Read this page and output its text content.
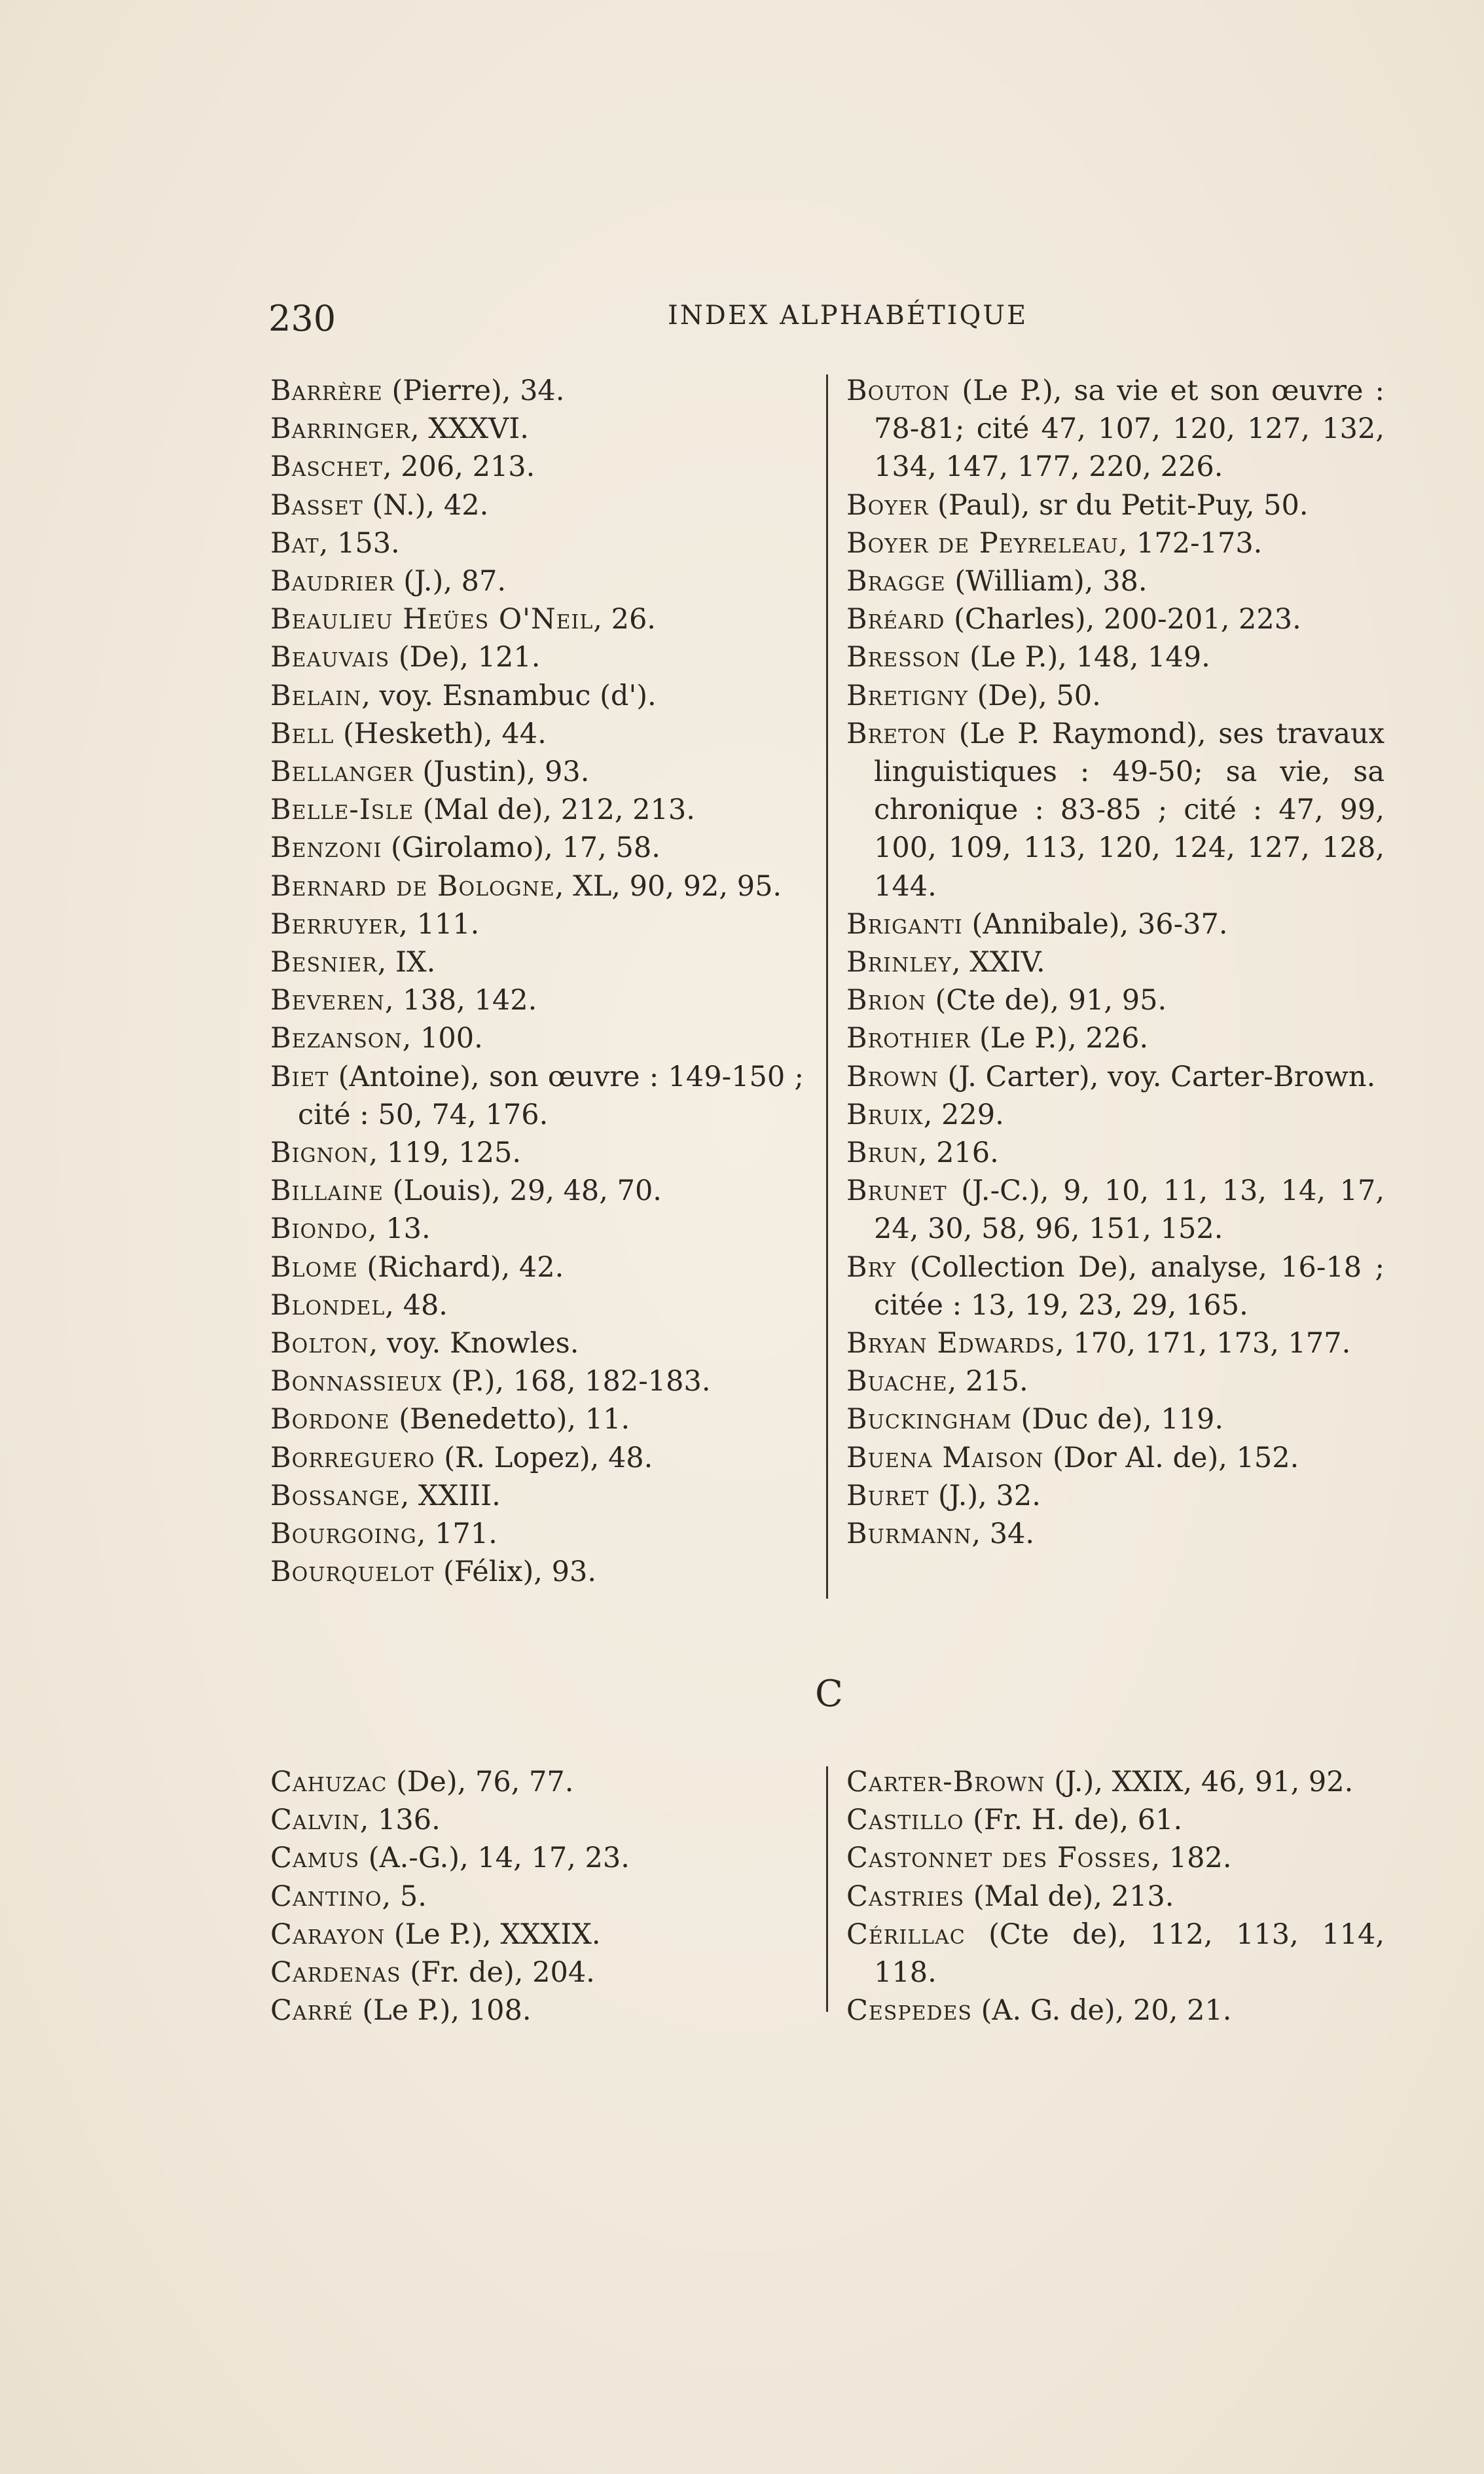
230	INDEX ALPHABÉTIQUE
Barrère (Pierre), 34.
Barringer, XXXVI.
Baschet, 206, 213.
Basset (N.), 42.
Bat, 153.
Baudrier (J.), 87.
Beaulieu Heües O'Neil, 26.
Beauvais (De), 121.
Belain, voy. Esnambuc (d').
Bell (Hesketh), 44.
Bellanger (Justin), 93.
Belle-Isle (Mal de), 212, 213.
Benzoni (Girolamo), 17, 58.
Bernard de Bologne, XL, 90, 92, 95.
Berruyer, 111.
Besnier, IX.
Beveren, 138, 142.
Bezanson, 100.
Biet (Antoine), son œuvre : 149-150 ; cité : 50, 74, 176.
Bignon, 119, 125.
Billaine (Louis), 29, 48, 70.
Biondo, 13.
Blome (Richard), 42.
Blondel, 48.
Bolton, voy. Knowles.
Bonnassieux (P.), 168, 182-183.
Bordone (Benedetto), 11.
Borreguero (R. Lopez), 48.
Bossange, XXIII.
Bourgoing, 171.
Bourquelot (Félix), 93.
Bouton (Le P.), sa vie et son œuvre : 78-81; cité 47, 107, 120, 127, 132, 134, 147, 177, 220, 226.
Boyer (Paul), sr du Petit-Puy, 50.
Boyer de Peyreleau, 172-173.
Bragge (William), 38.
Bréard (Charles), 200-201, 223.
Bresson (Le P.), 148, 149.
Bretigny (De), 50.
Breton (Le P. Raymond), ses travaux linguistiques : 49-50; sa vie, sa chronique : 83-85 ; cité : 47, 99, 100, 109, 113, 120, 124, 127, 128, 144.
Briganti (Annibale), 36-37.
Brinley, XXIV.
Brion (Cte de), 91, 95.
Brothier (Le P.), 226.
Brown (J. Carter), voy. Carter-Brown.
Bruix, 229.
Brun, 216.
Brunet (J.-C.), 9, 10, 11, 13, 14, 17, 24, 30, 58, 96, 151, 152.
Bry (Collection De), analyse, 16-18 ; citée : 13, 19, 23, 29, 165.
Bryan Edwards, 170, 171, 173, 177.
Buache, 215.
Buckingham (Duc de), 119.
Buena Maison (Dor Al. de), 152.
Buret (J.), 32.
Burmann, 34.
C
Cahuzac (De), 76, 77.
Calvin, 136.
Camus (A.-G.), 14, 17, 23.
Cantino, 5.
Carayon (Le P.), XXXIX.
Cardenas (Fr. de), 204.
Carré (Le P.), 108.
Carter-Brown (J.), XXIX, 46, 91, 92.
Castillo (Fr. H. de), 61.
Castonnet des Fosses, 182.
Castries (Mal de), 213.
Cérillac (Cte de), 112, 113, 114, 118.
Cespedes (A. G. de), 20, 21.
